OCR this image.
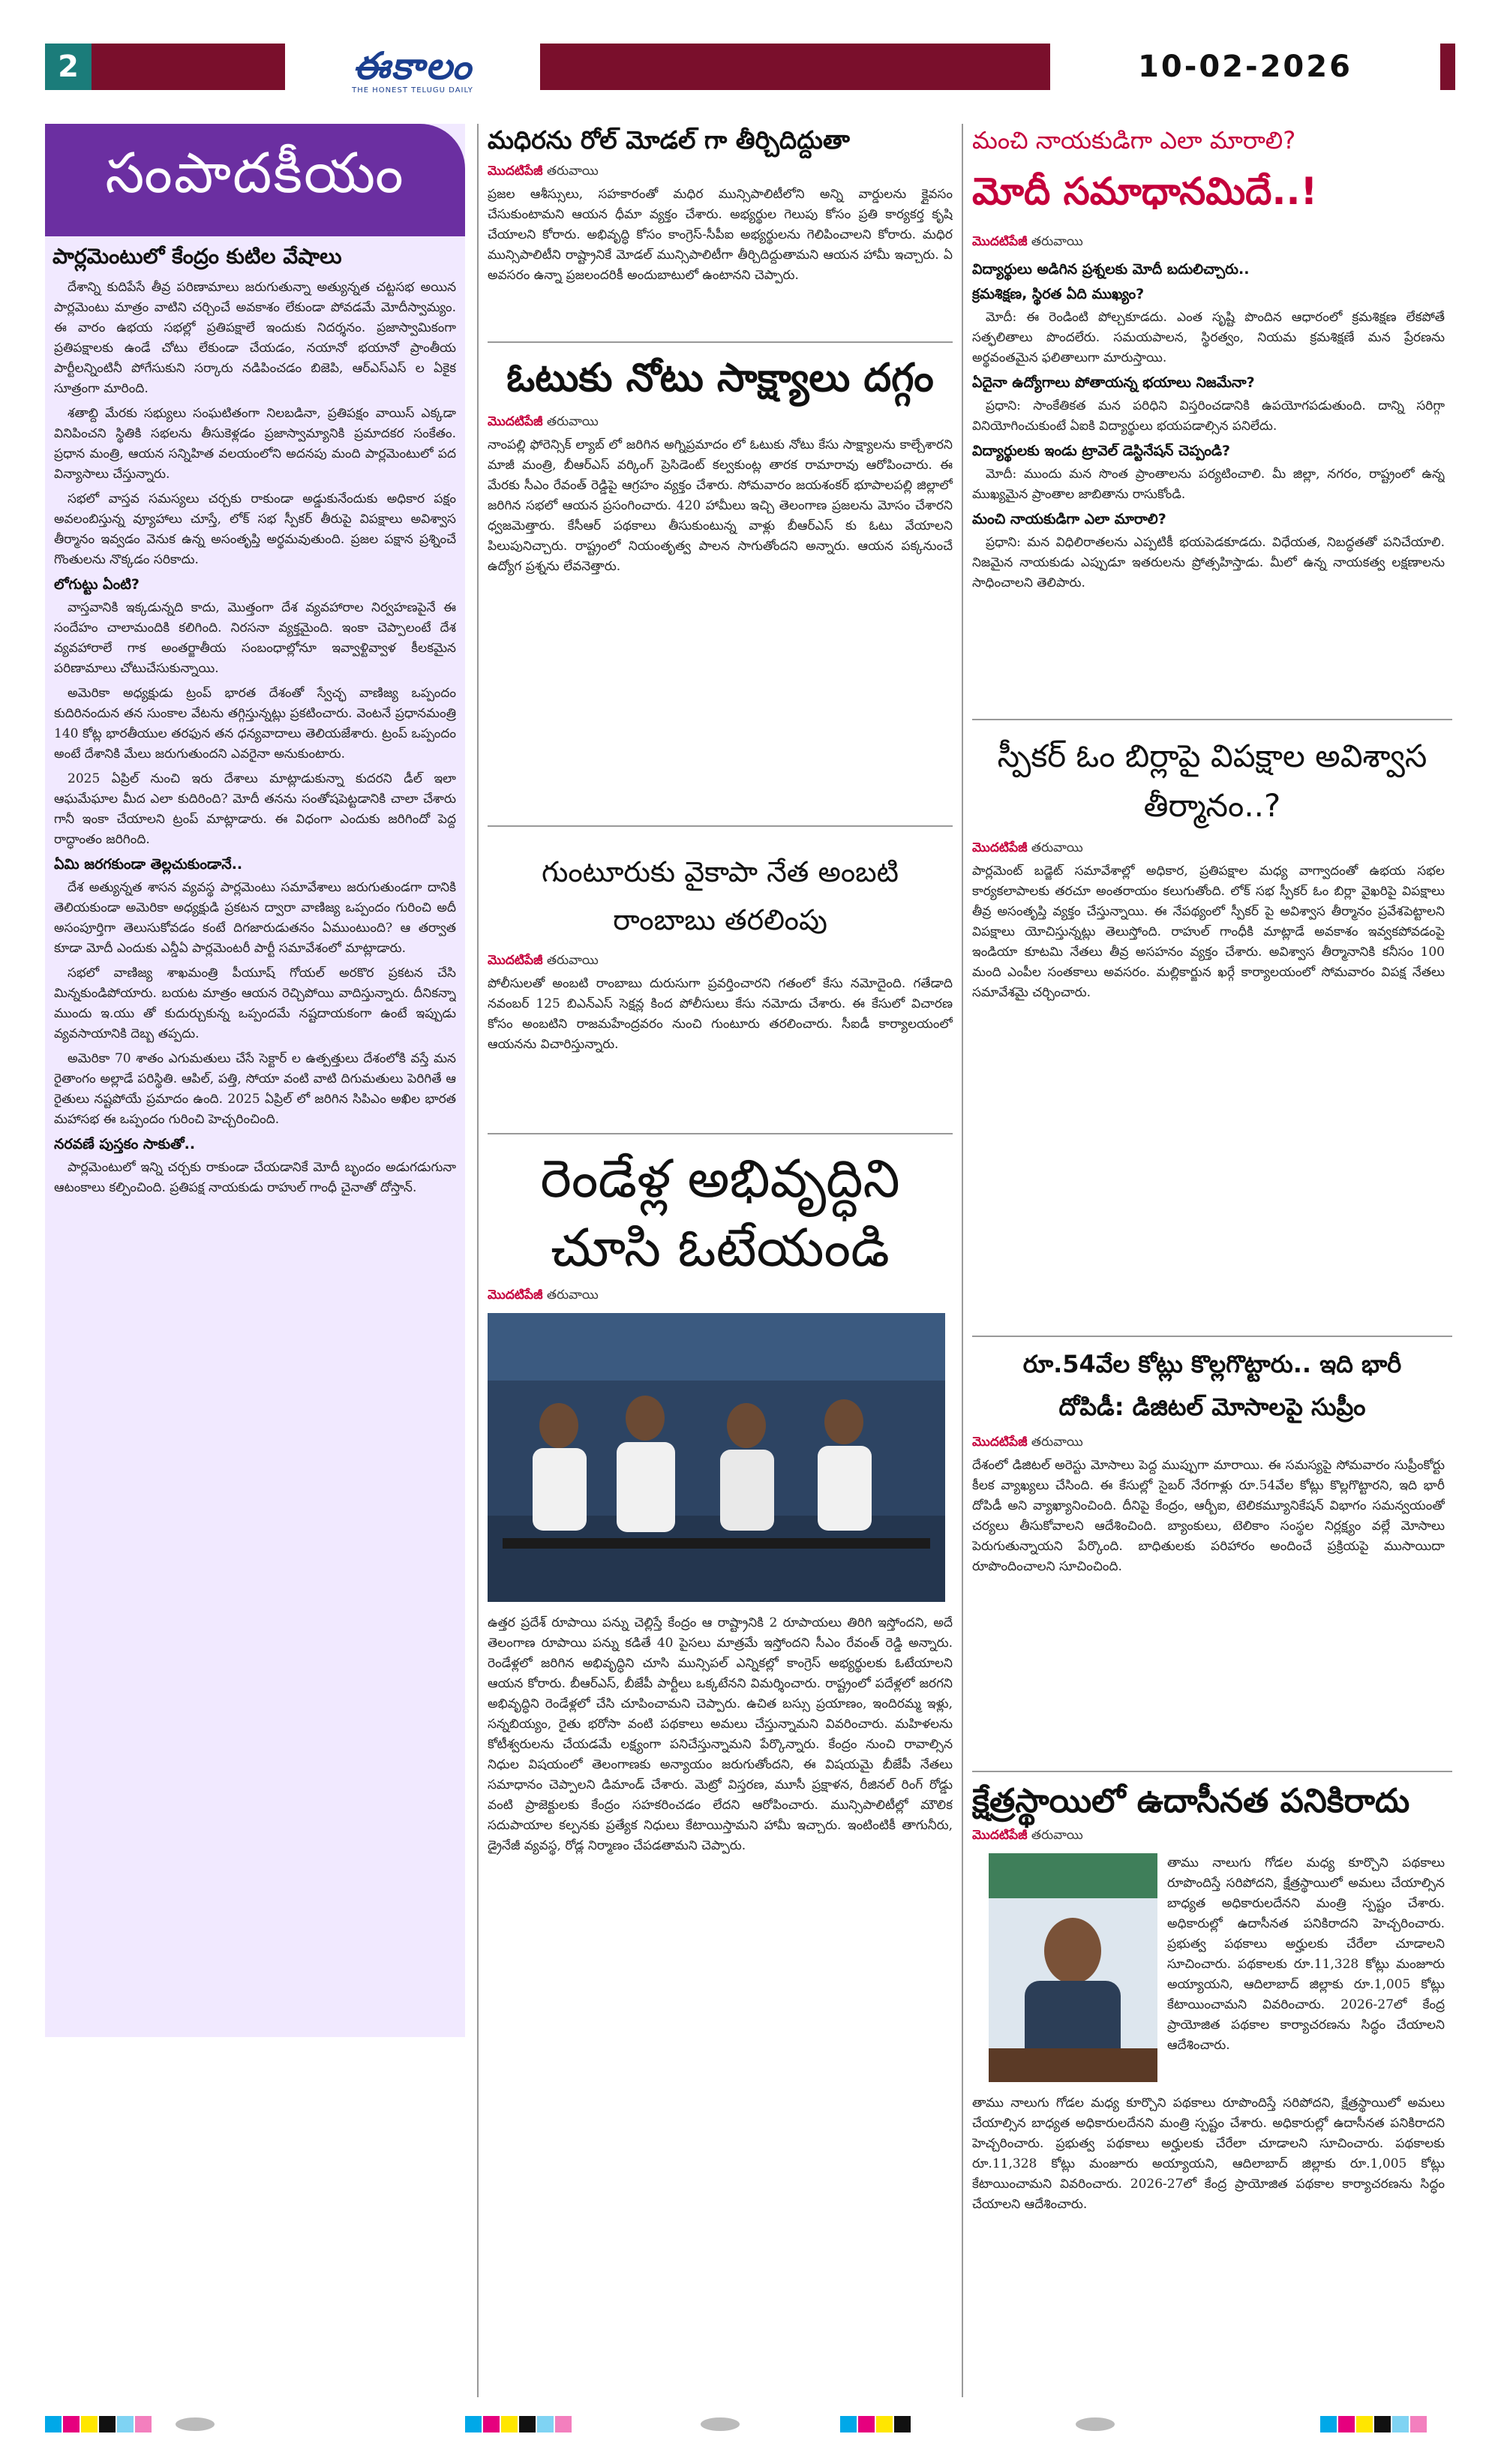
2	ఈకాలం
THE HONEST TELUGU DAILY
10-02-2026
సంపాదకీయం
పార్లమెంటులో కేంద్రం కుటిల వేషాలు

దేశాన్ని కుదిపేసే తీవ్ర పరిణామాలు జరుగుతున్నా అత్యున్నత చట్టసభ అయిన పార్లమెంటు మాత్రం వాటిని చర్చించే అవకాశం లేకుండా పోవడమే మోదీస్వామ్యం. ఈ వారం ఉభయ సభల్లో ప్రతిపక్షాలే ఇందుకు నిదర్శనం. ప్రజాస్వామికంగా ప్రతిపక్షాలకు ఉండే చోటు లేకుండా చేయడం, నయానో భయానో ప్రాంతీయ పార్టీలన్నింటినీ పోగేసుకుని సర్కారు నడిపించడం బిజెపి, ఆర్ఎస్ఎస్ ల ఏకైక సూత్రంగా మారింది.

శతాబ్ది మేరకు సభ్యులు సంఘటితంగా నిలబడినా, ప్రతిపక్షం వాయిస్ ఎక్కడా వినిపించని స్థితికి సభలను తీసుకెళ్లడం ప్రజాస్వామ్యానికి ప్రమాదకర సంకేతం. ప్రధాన మంత్రి, ఆయన సన్నిహిత వలయంలోని అదనపు మంది పార్లమెంటులో పద విన్యాసాలు చేస్తున్నారు.

సభలో వాస్తవ సమస్యలు చర్చకు రాకుండా అడ్డుకునేందుకు అధికార పక్షం అవలంబిస్తున్న వ్యూహాలు చూస్తే, లోక్ సభ స్పీకర్ తీరుపై విపక్షాలు అవిశ్వాస తీర్మానం ఇవ్వడం వెనుక ఉన్న అసంతృప్తి అర్థమవుతుంది. ప్రజల పక్షాన ప్రశ్నించే గొంతులను నొక్కడం సరికాదు.

లోగుట్టు ఏంటి?

వాస్తవానికి ఇక్కడున్నది కాదు, మొత్తంగా దేశ వ్యవహారాల నిర్వహణపైనే ఈ సందేహం చాలామందికి కలిగింది. నిరసనా వ్యక్తమైంది. ఇంకా చెప్పాలంటే దేశ వ్యవహారాలే గాక అంతర్జాతీయ సంబంధాల్లోనూ ఇవ్వాళ్టివ్వాళ కీలకమైన పరిణామాలు చోటుచేసుకున్నాయి.

అమెరికా అధ్యక్షుడు ట్రంప్ భారత దేశంతో స్వేచ్ఛ వాణిజ్య ఒప్పందం కుదిరినందున తన సుంకాల వేటను తగ్గిస్తున్నట్లు ప్రకటించారు. వెంటనే ప్రధానమంత్రి 140 కోట్ల భారతీయుల తరఫున తన ధన్యవాదాలు తెలియజేశారు. ట్రంప్ ఒప్పందం అంటే దేశానికి మేలు జరుగుతుందని ఎవరైనా అనుకుంటారు.

2025 ఏప్రిల్ నుంచి ఇరు దేశాలు మాట్లాడుకున్నా కుదరని డీల్ ఇలా ఆఘమేఘాల మీద ఎలా కుదిరింది? మోదీ తనను సంతోషపెట్టడానికి చాలా చేశారు గానీ ఇంకా చేయాలని ట్రంప్ మాట్లాడారు. ఈ విధంగా ఎందుకు జరిగిందో పెద్ద రాద్ధాంతం జరిగింది.

ఏమి జరగకుండా తెల్లచుకుండానే..

దేశ అత్యున్నత శాసన వ్యవస్థ పార్లమెంటు సమావేశాలు జరుగుతుండగా దానికి తెలియకుండా అమెరికా అధ్యక్షుడి ప్రకటన ద్వారా వాణిజ్య ఒప్పందం గురించి అదీ అసంపూర్తిగా తెలుసుకోవడం కంటే దిగజారుడుతనం ఏముంటుంది? ఆ తర్వాత కూడా మోదీ ఎందుకు ఎన్డీఏ పార్లమెంటరీ పార్టీ సమావేశంలో మాట్లాడారు.

సభలో వాణిజ్య శాఖమంత్రి పీయూష్ గోయల్ అరకొర ప్రకటన చేసి మిన్నకుండిపోయారు. బయట మాత్రం ఆయన రెచ్చిపోయి వాదిస్తున్నారు. దీనికన్నా ముందు ఇ.యు తో కుదుర్చుకున్న ఒప్పందమే నష్టదాయకంగా ఉంటే ఇప్పుడు వ్యవసాయానికి దెబ్బ తప్పదు.

అమెరికా 70 శాతం ఎగుమతులు చేసే సెక్టార్ ల ఉత్పత్తులు దేశంలోకి వస్తే మన రైతాంగం అల్లాడే పరిస్థితి. ఆపిల్, పత్తి, సోయా వంటి వాటి దిగుమతులు పెరిగితే ఆ రైతులు నష్టపోయే ప్రమాదం ఉంది. 2025 ఏప్రిల్ లో జరిగిన సిపిఎం అఖిల భారత మహాసభ ఈ ఒప్పందం గురించి హెచ్చరించింది.

నరవణే పుస్తకం సాకుతో..

పార్లమెంటులో ఇన్ని చర్చకు రాకుండా చేయడానికే మోదీ బృందం అడుగడుగునా ఆటంకాలు కల్పించింది. ప్రతిపక్ష నాయకుడు రాహుల్ గాంధీ చైనాతో దోస్తాన్.

మధిరను రోల్ మోడల్ గా తీర్చిదిద్దుతా
మొదటిపేజీ తరువాయి
ప్రజల ఆశీస్సులు, సహకారంతో మధిర మున్సిపాలిటీలోని అన్ని వార్డులను క్లైవసం చేసుకుంటామని ఆయన ధీమా వ్యక్తం చేశారు. అభ్యర్థుల గెలుపు కోసం ప్రతి కార్యకర్త కృషి చేయాలని కోరారు. అభివృద్ధి కోసం కాంగ్రెస్-సీపీఐ అభ్యర్థులను గెలిపించాలని కోరారు. మధిర మున్సిపాలిటీని రాష్ట్రానికే మోడల్ మున్సిపాలిటీగా తీర్చిదిద్దుతామని ఆయన హామీ ఇచ్చారు. ఏ అవసరం ఉన్నా ప్రజలందరికీ అందుబాటులో ఉంటానని చెప్పారు.
ఓటుకు నోటు సాక్ష్యాలు దగ్గం
మొదటిపేజీ తరువాయి
నాంపల్లి ఫోరెన్సిక్ ల్యాబ్ లో జరిగిన అగ్నిప్రమాదం లో ఓటుకు నోటు కేసు సాక్ష్యాలను కాల్చేశారని మాజీ మంత్రి, బీఆర్ఎస్ వర్కింగ్ ప్రెసిడెంట్ కల్వకుంట్ల తారక రామారావు ఆరోపించారు. ఈ మేరకు సీఎం రేవంత్ రెడ్డిపై ఆగ్రహం వ్యక్తం చేశారు. సోమవారం జయశంకర్ భూపాలపల్లి జిల్లాలో జరిగిన సభలో ఆయన ప్రసంగించారు. 420 హామీలు ఇచ్చి తెలంగాణ ప్రజలను మోసం చేశారని ధ్వజమెత్తారు. కేసీఆర్ పథకాలు తీసుకుంటున్న వాళ్లు బీఆర్ఎస్ కు ఓటు వేయాలని పిలుపునిచ్చారు. రాష్ట్రంలో నియంతృత్వ పాలన సాగుతోందని అన్నారు. ఆయన పక్కనుంచే ఉద్యోగ ప్రశ్నను లేవనెత్తారు.
గుంటూరుకు వైకాపా నేత అంబటి రాంబాబు తరలింపు
మొదటిపేజీ తరువాయి
పోలీసులతో అంబటి రాంబాబు దురుసుగా ప్రవర్తించారని గతంలో కేసు నమోదైంది. గతేడాది నవంబర్ 125 బిఎన్ఎస్ సెక్షన్ల కింద పోలీసులు కేసు నమోదు చేశారు. ఈ కేసులో విచారణ కోసం అంబటిని రాజమహేంద్రవరం నుంచి గుంటూరు తరలించారు. సీఐడీ కార్యాలయంలో ఆయనను విచారిస్తున్నారు.
రెండేళ్ల అభివృద్ధిని చూసి ఓటేయండి
మొదటిపేజీ తరువాయి
ఉత్తర ప్రదేశ్ రూపాయి పన్ను చెల్లిస్తే కేంద్రం ఆ రాష్ట్రానికి 2 రూపాయలు తిరిగి ఇస్తోందని, అదే తెలంగాణ రూపాయి పన్ను కడితే 40 పైసలు మాత్రమే ఇస్తోందని సీఎం రేవంత్ రెడ్డి అన్నారు. రెండేళ్లలో జరిగిన అభివృద్ధిని చూసి మున్సిపల్ ఎన్నికల్లో కాంగ్రెస్ అభ్యర్థులకు ఓటేయాలని ఆయన కోరారు. బీఆర్ఎస్, బీజేపీ పార్టీలు ఒక్కటేనని విమర్శించారు. రాష్ట్రంలో పదేళ్లలో జరగని అభివృద్ధిని రెండేళ్లలో చేసి చూపించామని చెప్పారు. ఉచిత బస్సు ప్రయాణం, ఇందిరమ్మ ఇళ్లు, సన్నబియ్యం, రైతు భరోసా వంటి పథకాలు అమలు చేస్తున్నామని వివరించారు. మహిళలను కోటీశ్వరులను చేయడమే లక్ష్యంగా పనిచేస్తున్నామని పేర్కొన్నారు. కేంద్రం నుంచి రావాల్సిన నిధుల విషయంలో తెలంగాణకు అన్యాయం జరుగుతోందని, ఈ విషయమై బీజేపీ నేతలు సమాధానం చెప్పాలని డిమాండ్ చేశారు. మెట్రో విస్తరణ, మూసీ ప్రక్షాళన, రీజినల్ రింగ్ రోడ్డు వంటి ప్రాజెక్టులకు కేంద్రం సహకరించడం లేదని ఆరోపించారు. మున్సిపాలిటీల్లో మౌలిక సదుపాయాల కల్పనకు ప్రత్యేక నిధులు కేటాయిస్తామని హామీ ఇచ్చారు. ఇంటింటికీ తాగునీరు, డ్రైనేజీ వ్యవస్థ, రోడ్ల నిర్మాణం చేపడతామని చెప్పారు.
మంచి నాయకుడిగా ఎలా మారాలి?
మోదీ సమాధానమిదే..!
మొదటిపేజీ తరువాయి
విద్యార్థులు అడిగిన ప్రశ్నలకు మోదీ బదులిచ్చారు..
క్రమశిక్షణ, స్థిరత ఏది ముఖ్యం?

మోదీ: ఈ రెండింటి పోల్చకూడదు. ఎంత సృష్టి పొందిన ఆధారంలో క్రమశిక్షణ లేకపోతే సత్ఫలితాలు పొందలేరు. సమయపాలన, స్థిరత్వం, నియమ క్రమశిక్షణే మన ప్రేరణను అర్థవంతమైన ఫలితాలుగా మారుస్తాయి.

ఏదైనా ఉద్యోగాలు పోతాయన్న భయాలు నిజమేనా?

ప్రధాని: సాంకేతికత మన పరిధిని విస్తరించడానికి ఉపయోగపడుతుంది. దాన్ని సరిగ్గా వినియోగించుకుంటే ఏఐకి విద్యార్థులు భయపడాల్సిన పనిలేదు.

విద్యార్థులకు ఇండు ట్రావెల్ డెస్టినేషన్ చెప్పండి?

మోదీ: ముందు మన సొంత ప్రాంతాలను పర్యటించాలి. మీ జిల్లా, నగరం, రాష్ట్రంలో ఉన్న ముఖ్యమైన ప్రాంతాల జాబితాను రాసుకోండి.

మంచి నాయకుడిగా ఎలా మారాలి?

ప్రధాని: మన విధిలిరాతలను ఎప్పటికీ భయపెడకూడదు. విధేయత, నిబద్ధతతో పనిచేయాలి. నిజమైన నాయకుడు ఎప్పుడూ ఇతరులను ప్రోత్సహిస్తాడు. మీలో ఉన్న నాయకత్వ లక్షణాలను సాధించాలని తెలిపారు.

స్పీకర్ ఓం బిర్లాపై విపక్షాల అవిశ్వాస తీర్మానం..?
మొదటిపేజీ తరువాయి
పార్లమెంట్ బడ్జెట్ సమావేశాల్లో అధికార, ప్రతిపక్షాల మధ్య వాగ్వాదంతో ఉభయ సభల కార్యకలాపాలకు తరచూ అంతరాయం కలుగుతోంది. లోక్ సభ స్పీకర్ ఓం బిర్లా వైఖరిపై విపక్షాలు తీవ్ర అసంతృప్తి వ్యక్తం చేస్తున్నాయి. ఈ నేపథ్యంలో స్పీకర్ పై అవిశ్వాస తీర్మానం ప్రవేశపెట్టాలని విపక్షాలు యోచిస్తున్నట్లు తెలుస్తోంది. రాహుల్ గాంధీకి మాట్లాడే అవకాశం ఇవ్వకపోవడంపై ఇండియా కూటమి నేతలు తీవ్ర అసహనం వ్యక్తం చేశారు. అవిశ్వాస తీర్మానానికి కనీసం 100 మంది ఎంపీల సంతకాలు అవసరం. మల్లికార్జున ఖర్గే కార్యాలయంలో సోమవారం విపక్ష నేతలు సమావేశమై చర్చించారు.
రూ.54వేల కోట్లు కొల్లగొట్టారు.. ఇది భారీ
దోపిడీ: డిజిటల్ మోసాలపై సుప్రీం
మొదటిపేజీ తరువాయి
దేశంలో డిజిటల్ అరెస్టు మోసాలు పెద్ద ముప్పుగా మారాయి. ఈ సమస్యపై సోమవారం సుప్రీంకోర్టు కీలక వ్యాఖ్యలు చేసింది. ఈ కేసుల్లో సైబర్ నేరగాళ్లు రూ.54వేల కోట్లు కొల్లగొట్టారని, ఇది భారీ దోపిడీ అని వ్యాఖ్యానించింది. దీనిపై కేంద్రం, ఆర్బీఐ, టెలికమ్యూనికేషన్ విభాగం సమన్వయంతో చర్యలు తీసుకోవాలని ఆదేశించింది. బ్యాంకులు, టెలికాం సంస్థల నిర్లక్ష్యం వల్లే మోసాలు పెరుగుతున్నాయని పేర్కొంది. బాధితులకు పరిహారం అందించే ప్రక్రియపై ముసాయిదా రూపొందించాలని సూచించింది.
క్షేత్రస్థాయిలో ఉదాసీనత పనికిరాదు
మొదటిపేజీ తరువాయి
తాము నాలుగు గోడల మధ్య కూర్చొని పథకాలు రూపొందిస్తే సరిపోదని, క్షేత్రస్థాయిలో అమలు చేయాల్సిన బాధ్యత అధికారులదేనని మంత్రి స్పష్టం చేశారు. అధికారుల్లో ఉదాసీనత పనికిరాదని హెచ్చరించారు. ప్రభుత్వ పథకాలు అర్హులకు చేరేలా చూడాలని సూచించారు. పథకాలకు రూ.11,328 కోట్లు మంజూరు అయ్యాయని, ఆదిలాబాద్ జిల్లాకు రూ.1,005 కోట్లు కేటాయించామని వివరించారు. 2026-27లో కేంద్ర ప్రాయోజిత పథకాల కార్యాచరణను సిద్ధం చేయాలని ఆదేశించారు.
తాము నాలుగు గోడల మధ్య కూర్చొని పథకాలు రూపొందిస్తే సరిపోదని, క్షేత్రస్థాయిలో అమలు చేయాల్సిన బాధ్యత అధికారులదేనని మంత్రి స్పష్టం చేశారు. అధికారుల్లో ఉదాసీనత పనికిరాదని హెచ్చరించారు. ప్రభుత్వ పథకాలు అర్హులకు చేరేలా చూడాలని సూచించారు. పథకాలకు రూ.11,328 కోట్లు మంజూరు అయ్యాయని, ఆదిలాబాద్ జిల్లాకు రూ.1,005 కోట్లు కేటాయించామని వివరించారు. 2026-27లో కేంద్ర ప్రాయోజిత పథకాల కార్యాచరణను సిద్ధం చేయాలని ఆదేశించారు.
